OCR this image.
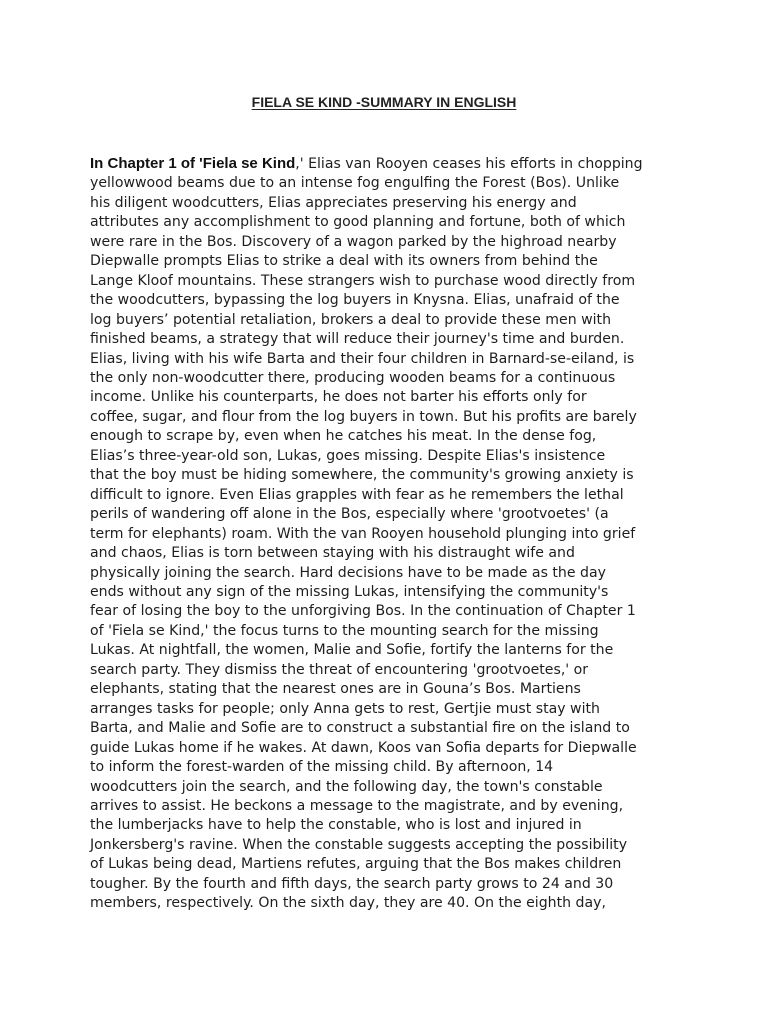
FIELA SE KIND -SUMMARY IN ENGLISH
In Chapter 1 of 'Fiela se Kind,' Elias van Rooyen ceases his efforts in chopping
yellowwood beams due to an intense fog engulfing the Forest (Bos). Unlike
his diligent woodcutters, Elias appreciates preserving his energy and
attributes any accomplishment to good planning and fortune, both of which
were rare in the Bos. Discovery of a wagon parked by the highroad nearby
Diepwalle prompts Elias to strike a deal with its owners from behind the
Lange Kloof mountains. These strangers wish to purchase wood directly from
the woodcutters, bypassing the log buyers in Knysna. Elias, unafraid of the
log buyers’ potential retaliation, brokers a deal to provide these men with
finished beams, a strategy that will reduce their journey's time and burden.
Elias, living with his wife Barta and their four children in Barnard-se-eiland, is
the only non-woodcutter there, producing wooden beams for a continuous
income. Unlike his counterparts, he does not barter his efforts only for
coffee, sugar, and flour from the log buyers in town. But his profits are barely
enough to scrape by, even when he catches his meat. In the dense fog,
Elias’s three-year-old son, Lukas, goes missing. Despite Elias's insistence
that the boy must be hiding somewhere, the community's growing anxiety is
difficult to ignore. Even Elias grapples with fear as he remembers the lethal
perils of wandering off alone in the Bos, especially where 'grootvoetes' (a
term for elephants) roam. With the van Rooyen household plunging into grief
and chaos, Elias is torn between staying with his distraught wife and
physically joining the search. Hard decisions have to be made as the day
ends without any sign of the missing Lukas, intensifying the community's
fear of losing the boy to the unforgiving Bos. In the continuation of Chapter 1
of 'Fiela se Kind,' the focus turns to the mounting search for the missing
Lukas. At nightfall, the women, Malie and Sofie, fortify the lanterns for the
search party. They dismiss the threat of encountering 'grootvoetes,' or
elephants, stating that the nearest ones are in Gouna’s Bos. Martiens
arranges tasks for people; only Anna gets to rest, Gertjie must stay with
Barta, and Malie and Sofie are to construct a substantial fire on the island to
guide Lukas home if he wakes. At dawn, Koos van Sofia departs for Diepwalle
to inform the forest-warden of the missing child. By afternoon, 14
woodcutters join the search, and the following day, the town's constable
arrives to assist. He beckons a message to the magistrate, and by evening,
the lumberjacks have to help the constable, who is lost and injured in
Jonkersberg's ravine. When the constable suggests accepting the possibility
of Lukas being dead, Martiens refutes, arguing that the Bos makes children
tougher. By the fourth and fifth days, the search party grows to 24 and 30
members, respectively. On the sixth day, they are 40. On the eighth day,
